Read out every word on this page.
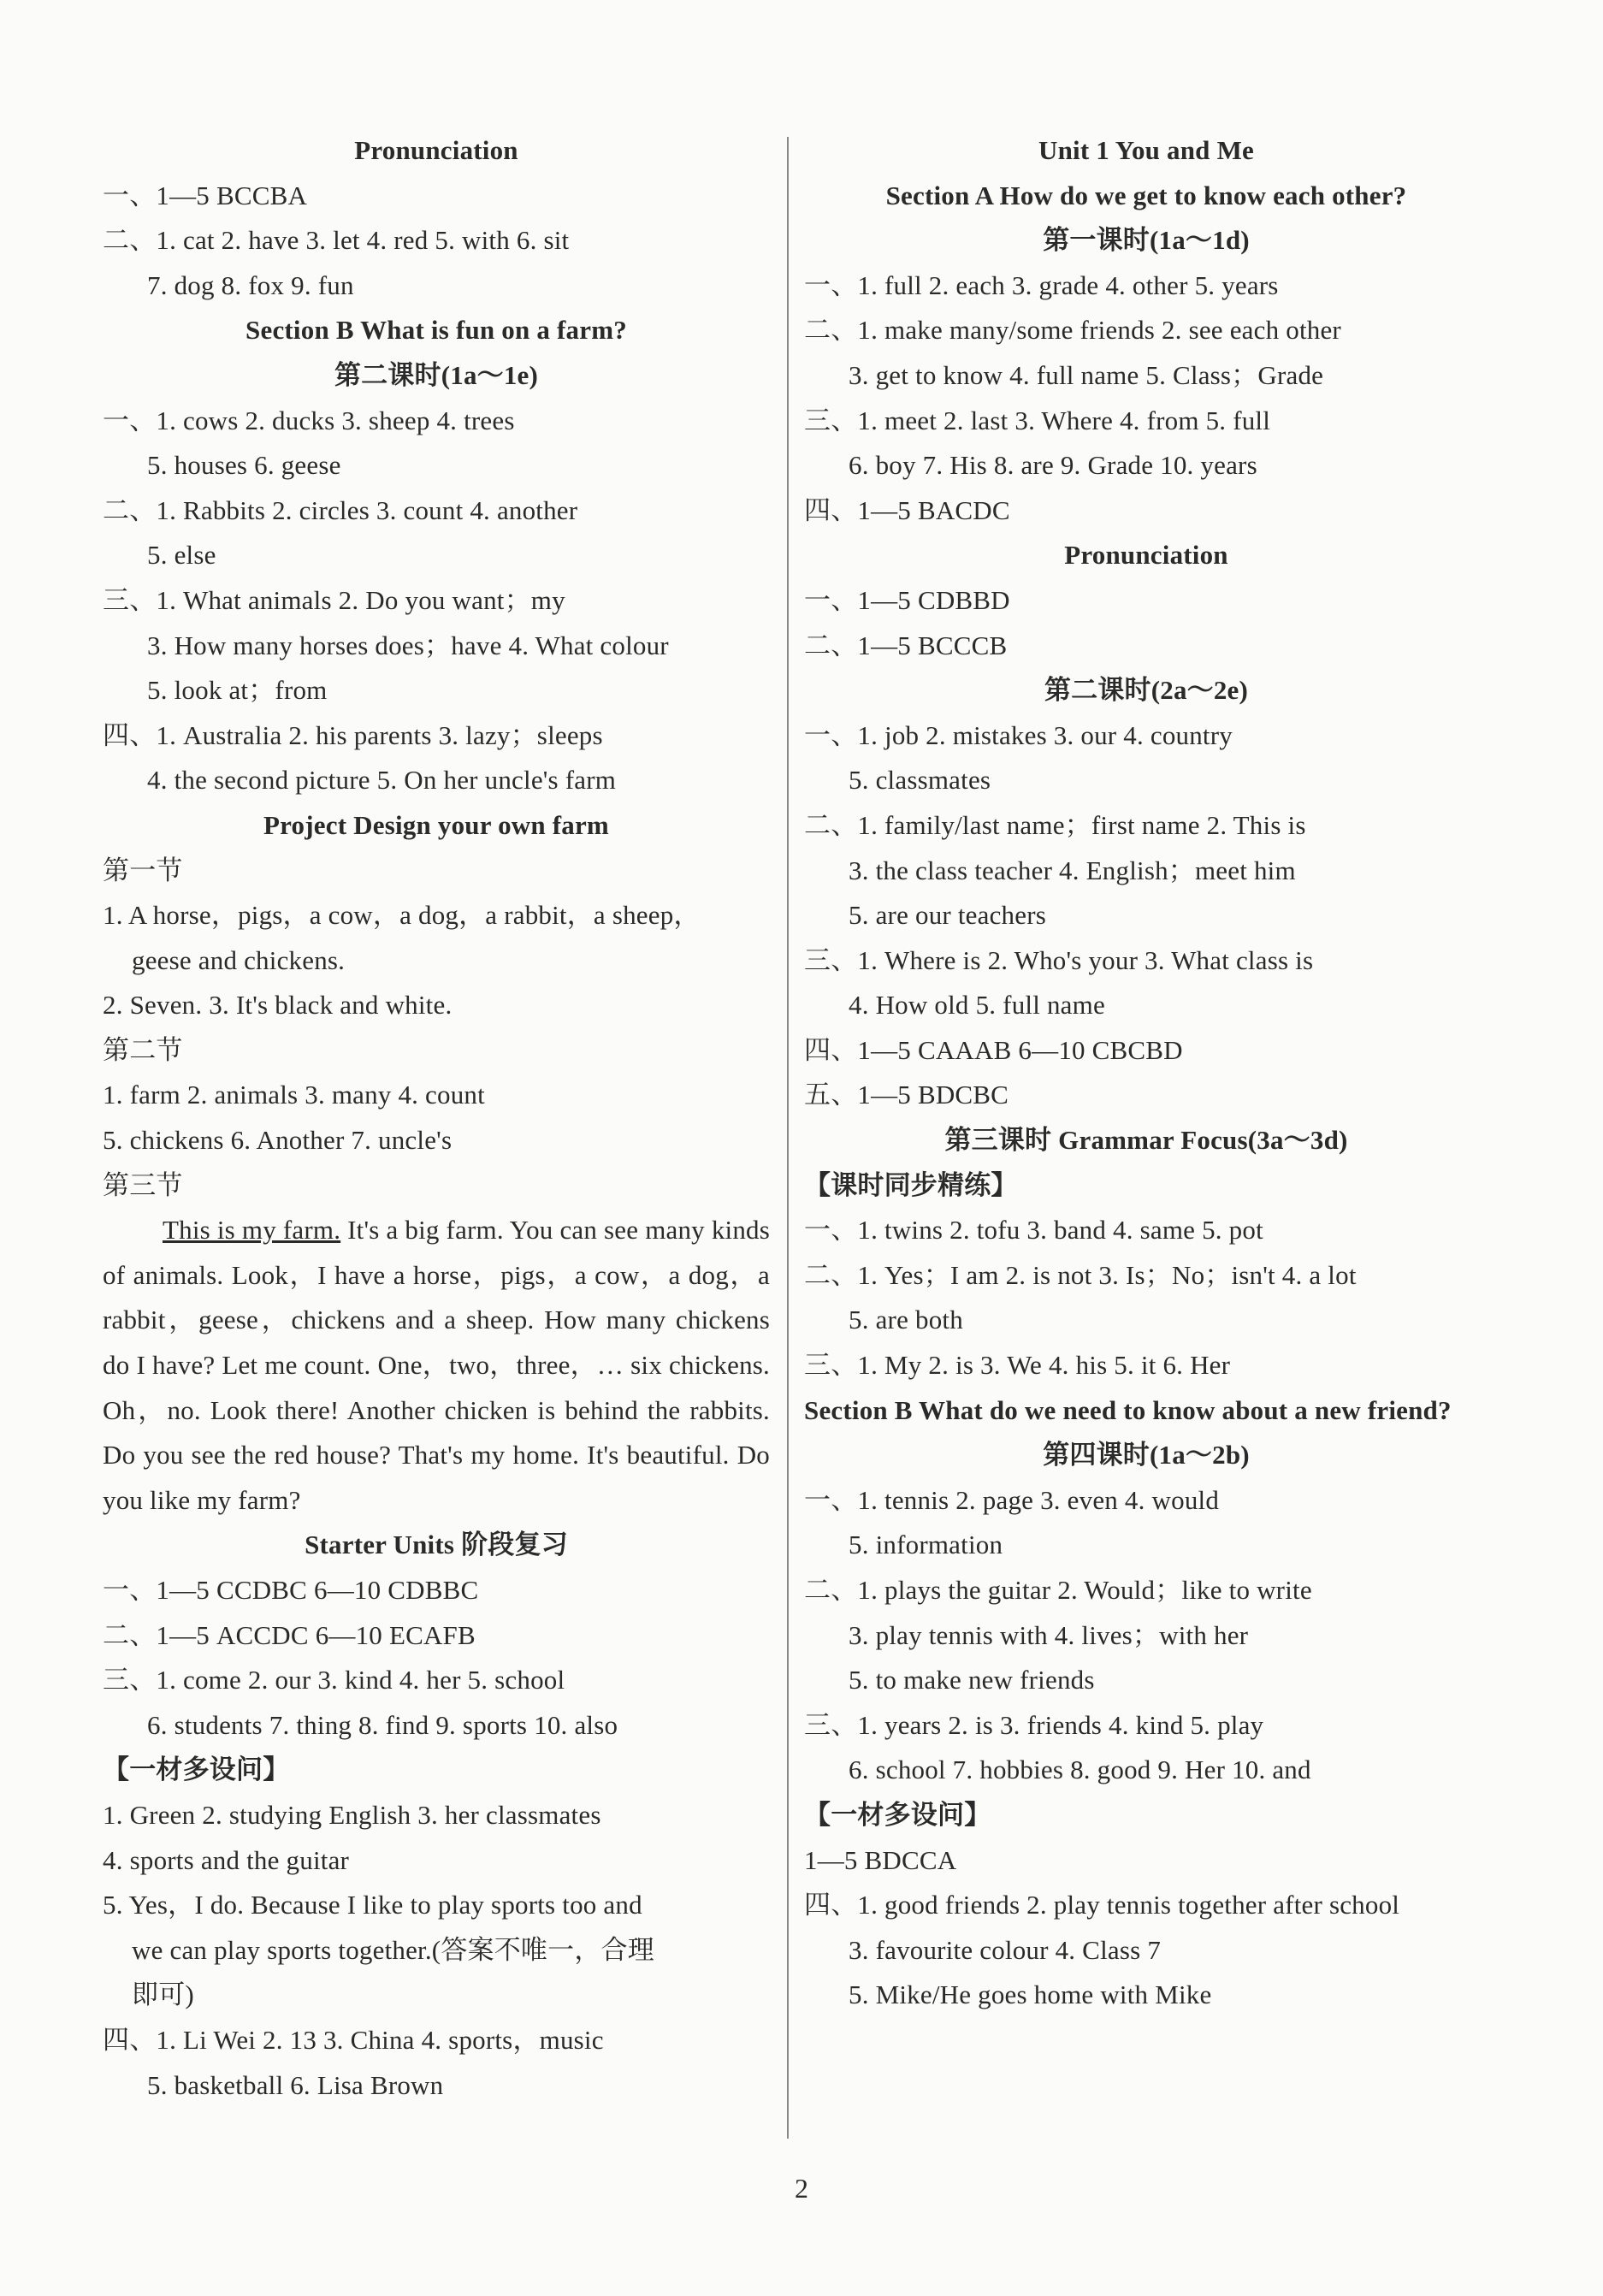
Pronunciation
一、1—5 BCCBA
二、1. cat 2. have 3. let 4. red 5. with 6. sit
7. dog 8. fox 9. fun
Section B What is fun on a farm?
第二课时(1a～1e)
一、1. cows 2. ducks 3. sheep 4. trees
5. houses 6. geese
二、1. Rabbits 2. circles 3. count 4. another
5. else
三、1. What animals 2. Do you want；my
3. How many horses does；have 4. What colour
5. look at；from
四、1. Australia 2. his parents 3. lazy；sleeps
4. the second picture 5. On her uncle's farm
Project Design your own farm
第一节
1. A horse，pigs，a cow，a dog，a rabbit，a sheep，
geese and chickens.
2. Seven. 3. It's black and white.
第二节
1. farm 2. animals 3. many 4. count
5. chickens 6. Another 7. uncle's
第三节
This is my farm. It's a big farm. You can see many kinds of animals. Look，I have a horse，pigs，a cow，a dog，a rabbit，geese，chickens and a sheep. How many chickens do I have? Let me count. One，two，three，… six chickens. Oh，no. Look there! Another chicken is behind the rabbits. Do you see the red house? That's my home. It's beautiful. Do you like my farm?
Starter Units 阶段复习
一、1—5 CCDBC 6—10 CDBBC
二、1—5 ACCDC 6—10 ECAFB
三、1. come 2. our 3. kind 4. her 5. school
6. students 7. thing 8. find 9. sports 10. also
【一材多设问】
1. Green 2. studying English 3. her classmates
4. sports and the guitar
5. Yes，I do. Because I like to play sports too and
we can play sports together.(答案不唯一，合理
即可)
四、1. Li Wei 2. 13 3. China 4. sports，music
5. basketball 6. Lisa Brown
Unit 1 You and Me
Section A How do we get to know each other?
第一课时(1a～1d)
一、1. full 2. each 3. grade 4. other 5. years
二、1. make many/some friends 2. see each other
3. get to know 4. full name 5. Class；Grade
三、1. meet 2. last 3. Where 4. from 5. full
6. boy 7. His 8. are 9. Grade 10. years
四、1—5 BACDC
Pronunciation
一、1—5 CDBBD
二、1—5 BCCCB
第二课时(2a～2e)
一、1. job 2. mistakes 3. our 4. country
5. classmates
二、1. family/last name；first name 2. This is
3. the class teacher 4. English；meet him
5. are our teachers
三、1. Where is 2. Who's your 3. What class is
4. How old 5. full name
四、1—5 CAAAB 6—10 CBCBD
五、1—5 BDCBC
第三课时 Grammar Focus(3a～3d)
【课时同步精练】
一、1. twins 2. tofu 3. band 4. same 5. pot
二、1. Yes；I am 2. is not 3. Is；No；isn't 4. a lot
5. are both
三、1. My 2. is 3. We 4. his 5. it 6. Her
Section B What do we need to know about a new friend?
第四课时(1a～2b)
一、1. tennis 2. page 3. even 4. would
5. information
二、1. plays the guitar 2. Would；like to write
3. play tennis with 4. lives；with her
5. to make new friends
三、1. years 2. is 3. friends 4. kind 5. play
6. school 7. hobbies 8. good 9. Her 10. and
【一材多设问】
1—5 BDCCA
四、1. good friends 2. play tennis together after school
3. favourite colour 4. Class 7
5. Mike/He goes home with Mike
2
